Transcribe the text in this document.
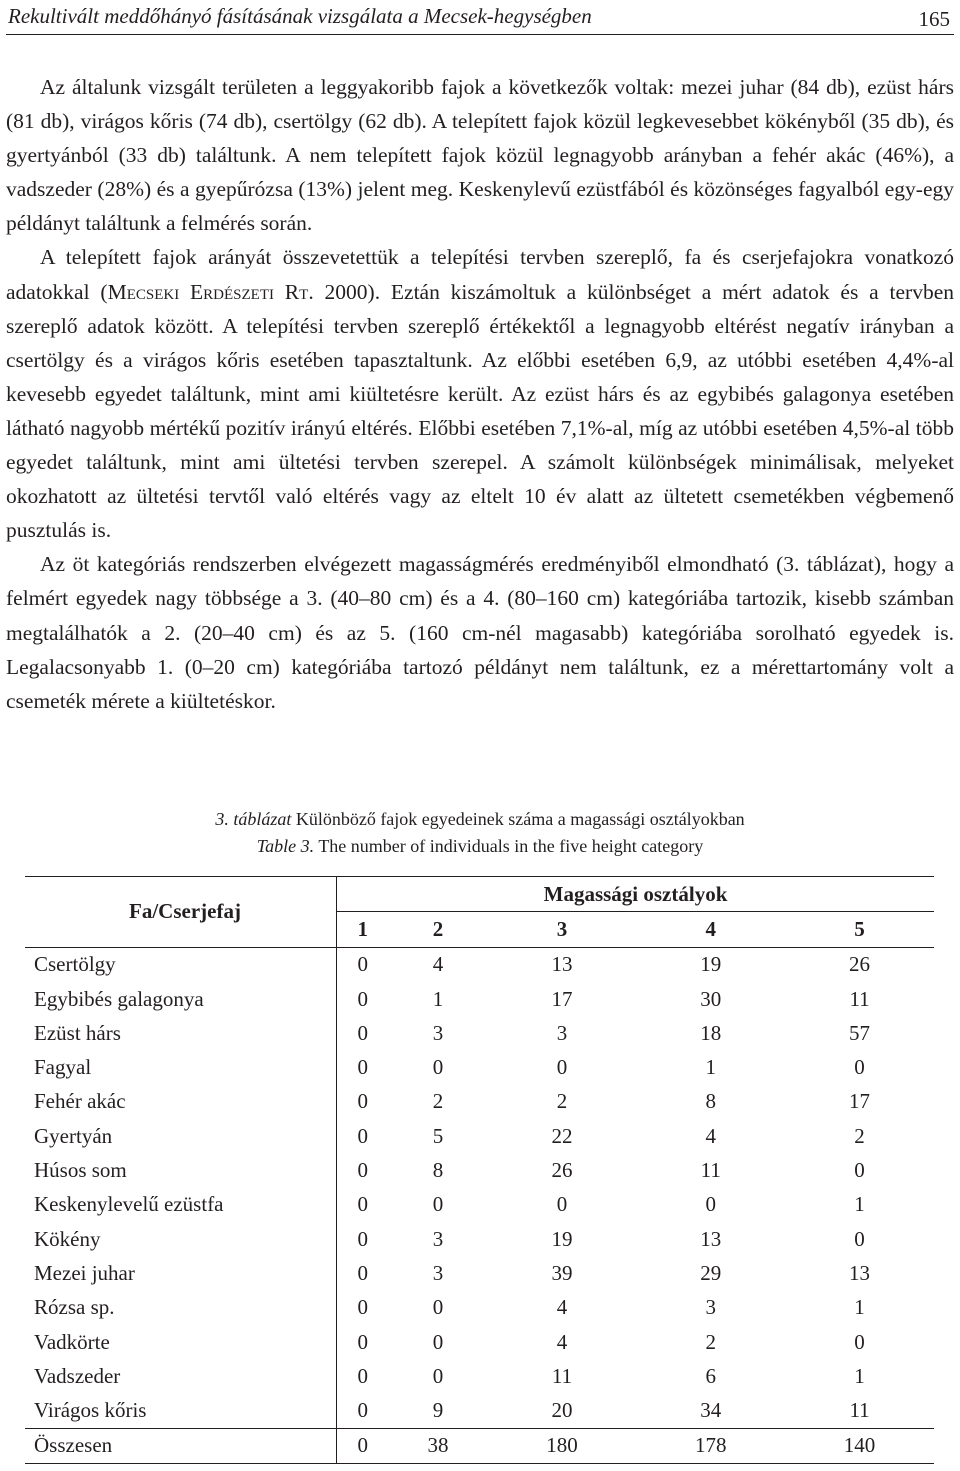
Rekultivált meddőhányó fásításának vizsgálata a Mecsek-hegységben	165

Az általunk vizsgált területen a leggyakoribb fajok a következők voltak: mezei juhar (84 db), ezüst hárs (81 db), virágos kőris (74 db), csertölgy (62 db). A telepített fajok közül legkevesebbet kökényből (35 db), és gyertyánból (33 db) találtunk. A nem telepített fajok közül legnagyobb arányban a fehér akác (46%), a vadszeder (28%) és a gyepűrózsa (13%) jelent meg. Keskenylevű ezüstfából és közönséges fagyalból egy-egy példányt találtunk a felmérés során.

A telepített fajok arányát összevetettük a telepítési tervben szereplő, fa és cserjefajokra vonatkozó adatokkal (Mecseki Erdészeti Rt. 2000). Eztán kiszámoltuk a különbséget a mért adatok és a tervben szereplő adatok között. A telepítési tervben szereplő értékektől a legnagyobb eltérést negatív irányban a csertölgy és a virágos kőris esetében tapasztaltunk. Az előbbi esetében 6,9, az utóbbi esetében 4,4%-al kevesebb egyedet találtunk, mint ami kiültetésre került. Az ezüst hárs és az egybibés galagonya esetében látható nagyobb mértékű pozitív irányú eltérés. Előbbi esetében 7,1%-al, míg az utóbbi esetében 4,5%-al több egyedet találtunk, mint ami ültetési tervben szerepel. A számolt különbségek minimálisak, melyeket okozhatott az ültetési tervtől való eltérés vagy az eltelt 10 év alatt az ültetett csemetékben végbemenő pusztulás is.

Az öt kategóriás rendszerben elvégezett magasságmérés eredményiből elmondható (3. táblázat), hogy a felmért egyedek nagy többsége a 3. (40–80 cm) és a 4. (80–160 cm) kategóriába tartozik, kisebb számban megtalálhatók a 2. (20–40 cm) és az 5. (160 cm-nél magasabb) kategóriába sorolható egyedek is. Legalacsonyabb 1. (0–20 cm) kategóriába tartozó példányt nem találtunk, ez a mérettartomány volt a csemeték mérete a kiültetéskor.

3. táblázat Különböző fajok egyedeinek száma a magassági osztályokban
Table 3. The number of individuals in the five height category
Fa/Cserjefaj	Magassági osztályok				
	1	2	3	4	5
Csertölgy	0	4	13	19	26
Egybibés galagonya	0	1	17	30	11
Ezüst hárs	0	3	3	18	57
Fagyal	0	0	0	1	0
Fehér akác	0	2	2	8	17
Gyertyán	0	5	22	4	2
Húsos som	0	8	26	11	0
Keskenylevelű ezüstfa	0	0	0	0	1
Kökény	0	3	19	13	0
Mezei juhar	0	3	39	29	13
Rózsa sp.	0	0	4	3	1
Vadkörte	0	0	4	2	0
Vadszeder	0	0	11	6	1
Virágos kőris	0	9	20	34	11
Összesen	0	38	180	178	140
